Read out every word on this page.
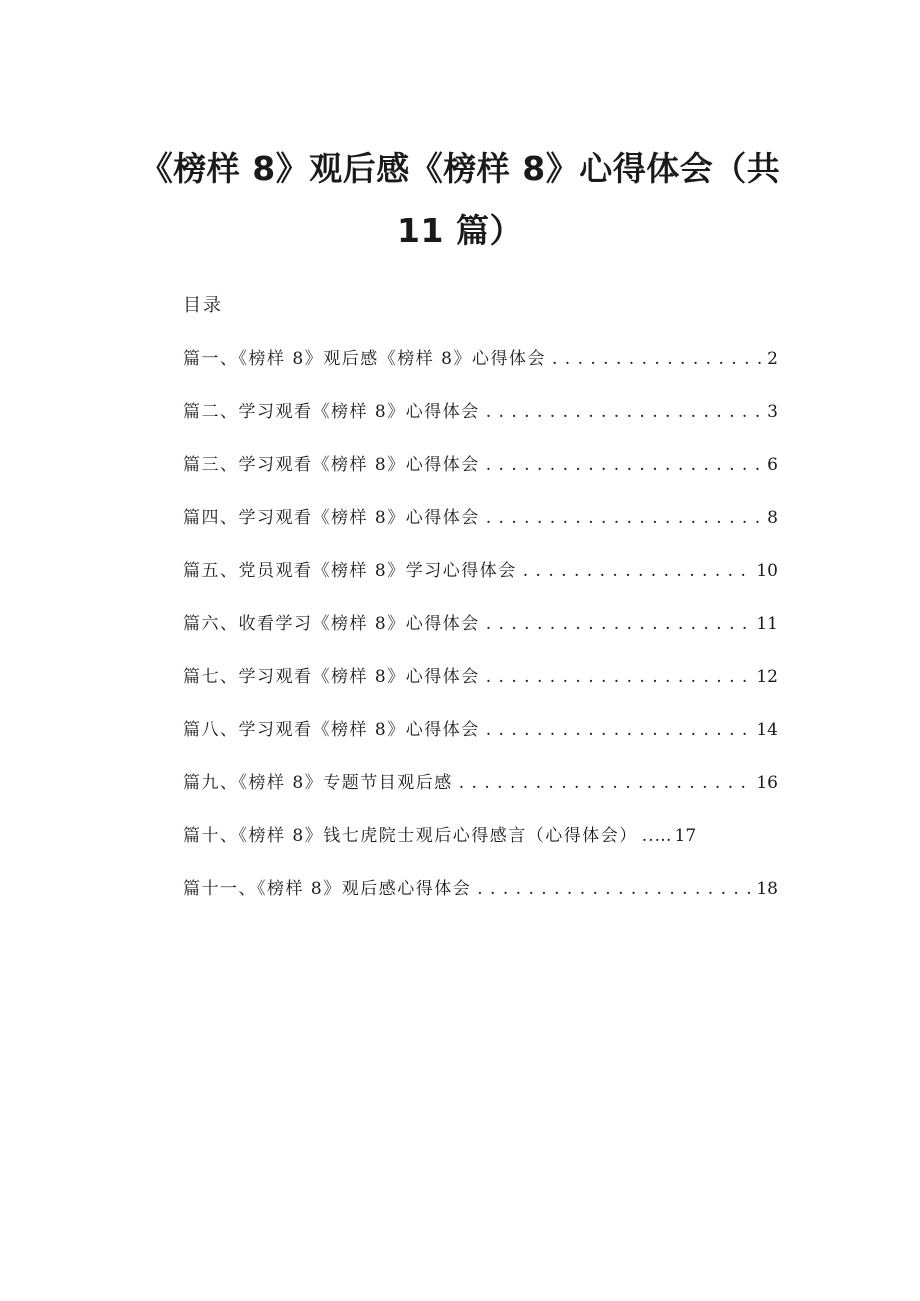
《榜样 8》观后感《榜样 8》心得体会（共 11 篇）
目录
篇一、《榜样 8》观后感《榜样 8》心得体会 . . .	2
篇二、学习观看《榜样 8》心得体会 . . .	3
篇三、学习观看《榜样 8》心得体会 . . .	6
篇四、学习观看《榜样 8》心得体会 . . .	8
篇五、党员观看《榜样 8》学习心得体会 . . .	10
篇六、收看学习《榜样 8》心得体会 . . .	11
篇七、学习观看《榜样 8》心得体会 . . .	12
篇八、学习观看《榜样 8》心得体会 . . .	14
篇九、《榜样 8》专题节目观后感 . . .	16
篇十、《榜样 8》钱七虎院士观后心得感言（心得体会） ..… 17
篇十一、《榜样 8》观后感心得体会 . . .	18
